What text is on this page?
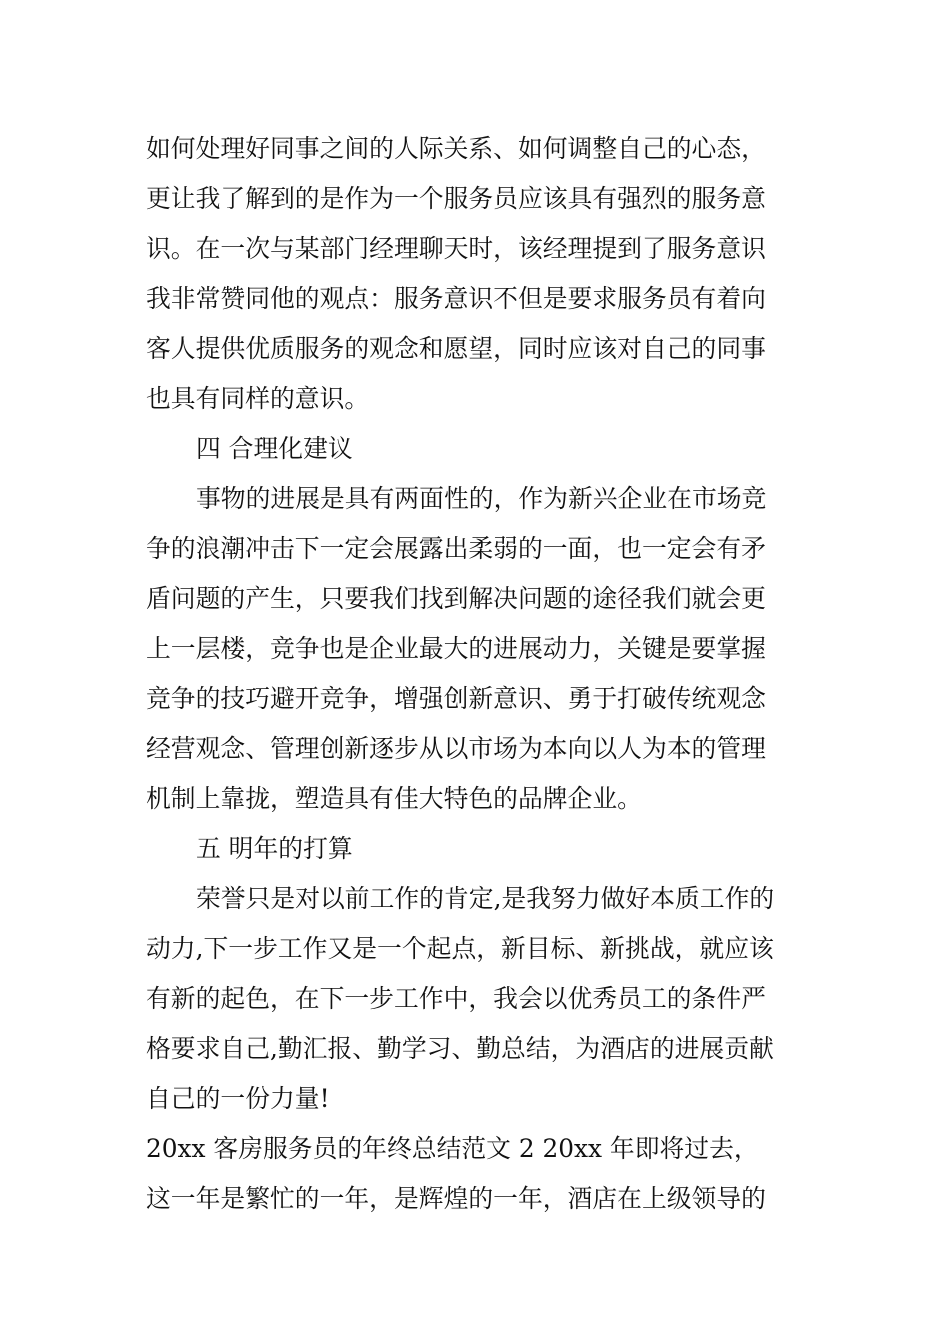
如何处理好同事之间的人际关系、如何调整自己的心态，

更让我了解到的是作为一个服务员应该具有强烈的服务意

识。在一次与某部门经理聊天时，该经理提到了服务意识

我非常赞同他的观点：服务意识不但是要求服务员有着向

客人提供优质服务的观念和愿望，同时应该对自己的同事

也具有同样的意识。

四 合理化建议

事物的进展是具有两面性的，作为新兴企业在市场竞

争的浪潮冲击下一定会展露出柔弱的一面，也一定会有矛

盾问题的产生，只要我们找到解决问题的途径我们就会更

上一层楼，竞争也是企业最大的进展动力，关键是要掌握

竞争的技巧避开竞争，增强创新意识、勇于打破传统观念

经营观念、管理创新逐步从以市场为本向以人为本的管理

机制上靠拢，塑造具有佳大特色的品牌企业。

五 明年的打算

荣誉只是对以前工作的肯定,是我努力做好本质工作的

动力,下一步工作又是一个起点，新目标、新挑战，就应该

有新的起色，在下一步工作中，我会以优秀员工的条件严

格要求自己,勤汇报、勤学习、勤总结，为酒店的进展贡献

自己的一份力量!

20xx 客房服务员的年终总结范文 2 20xx 年即将过去，

这一年是繁忙的一年，是辉煌的一年，酒店在上级领导的
